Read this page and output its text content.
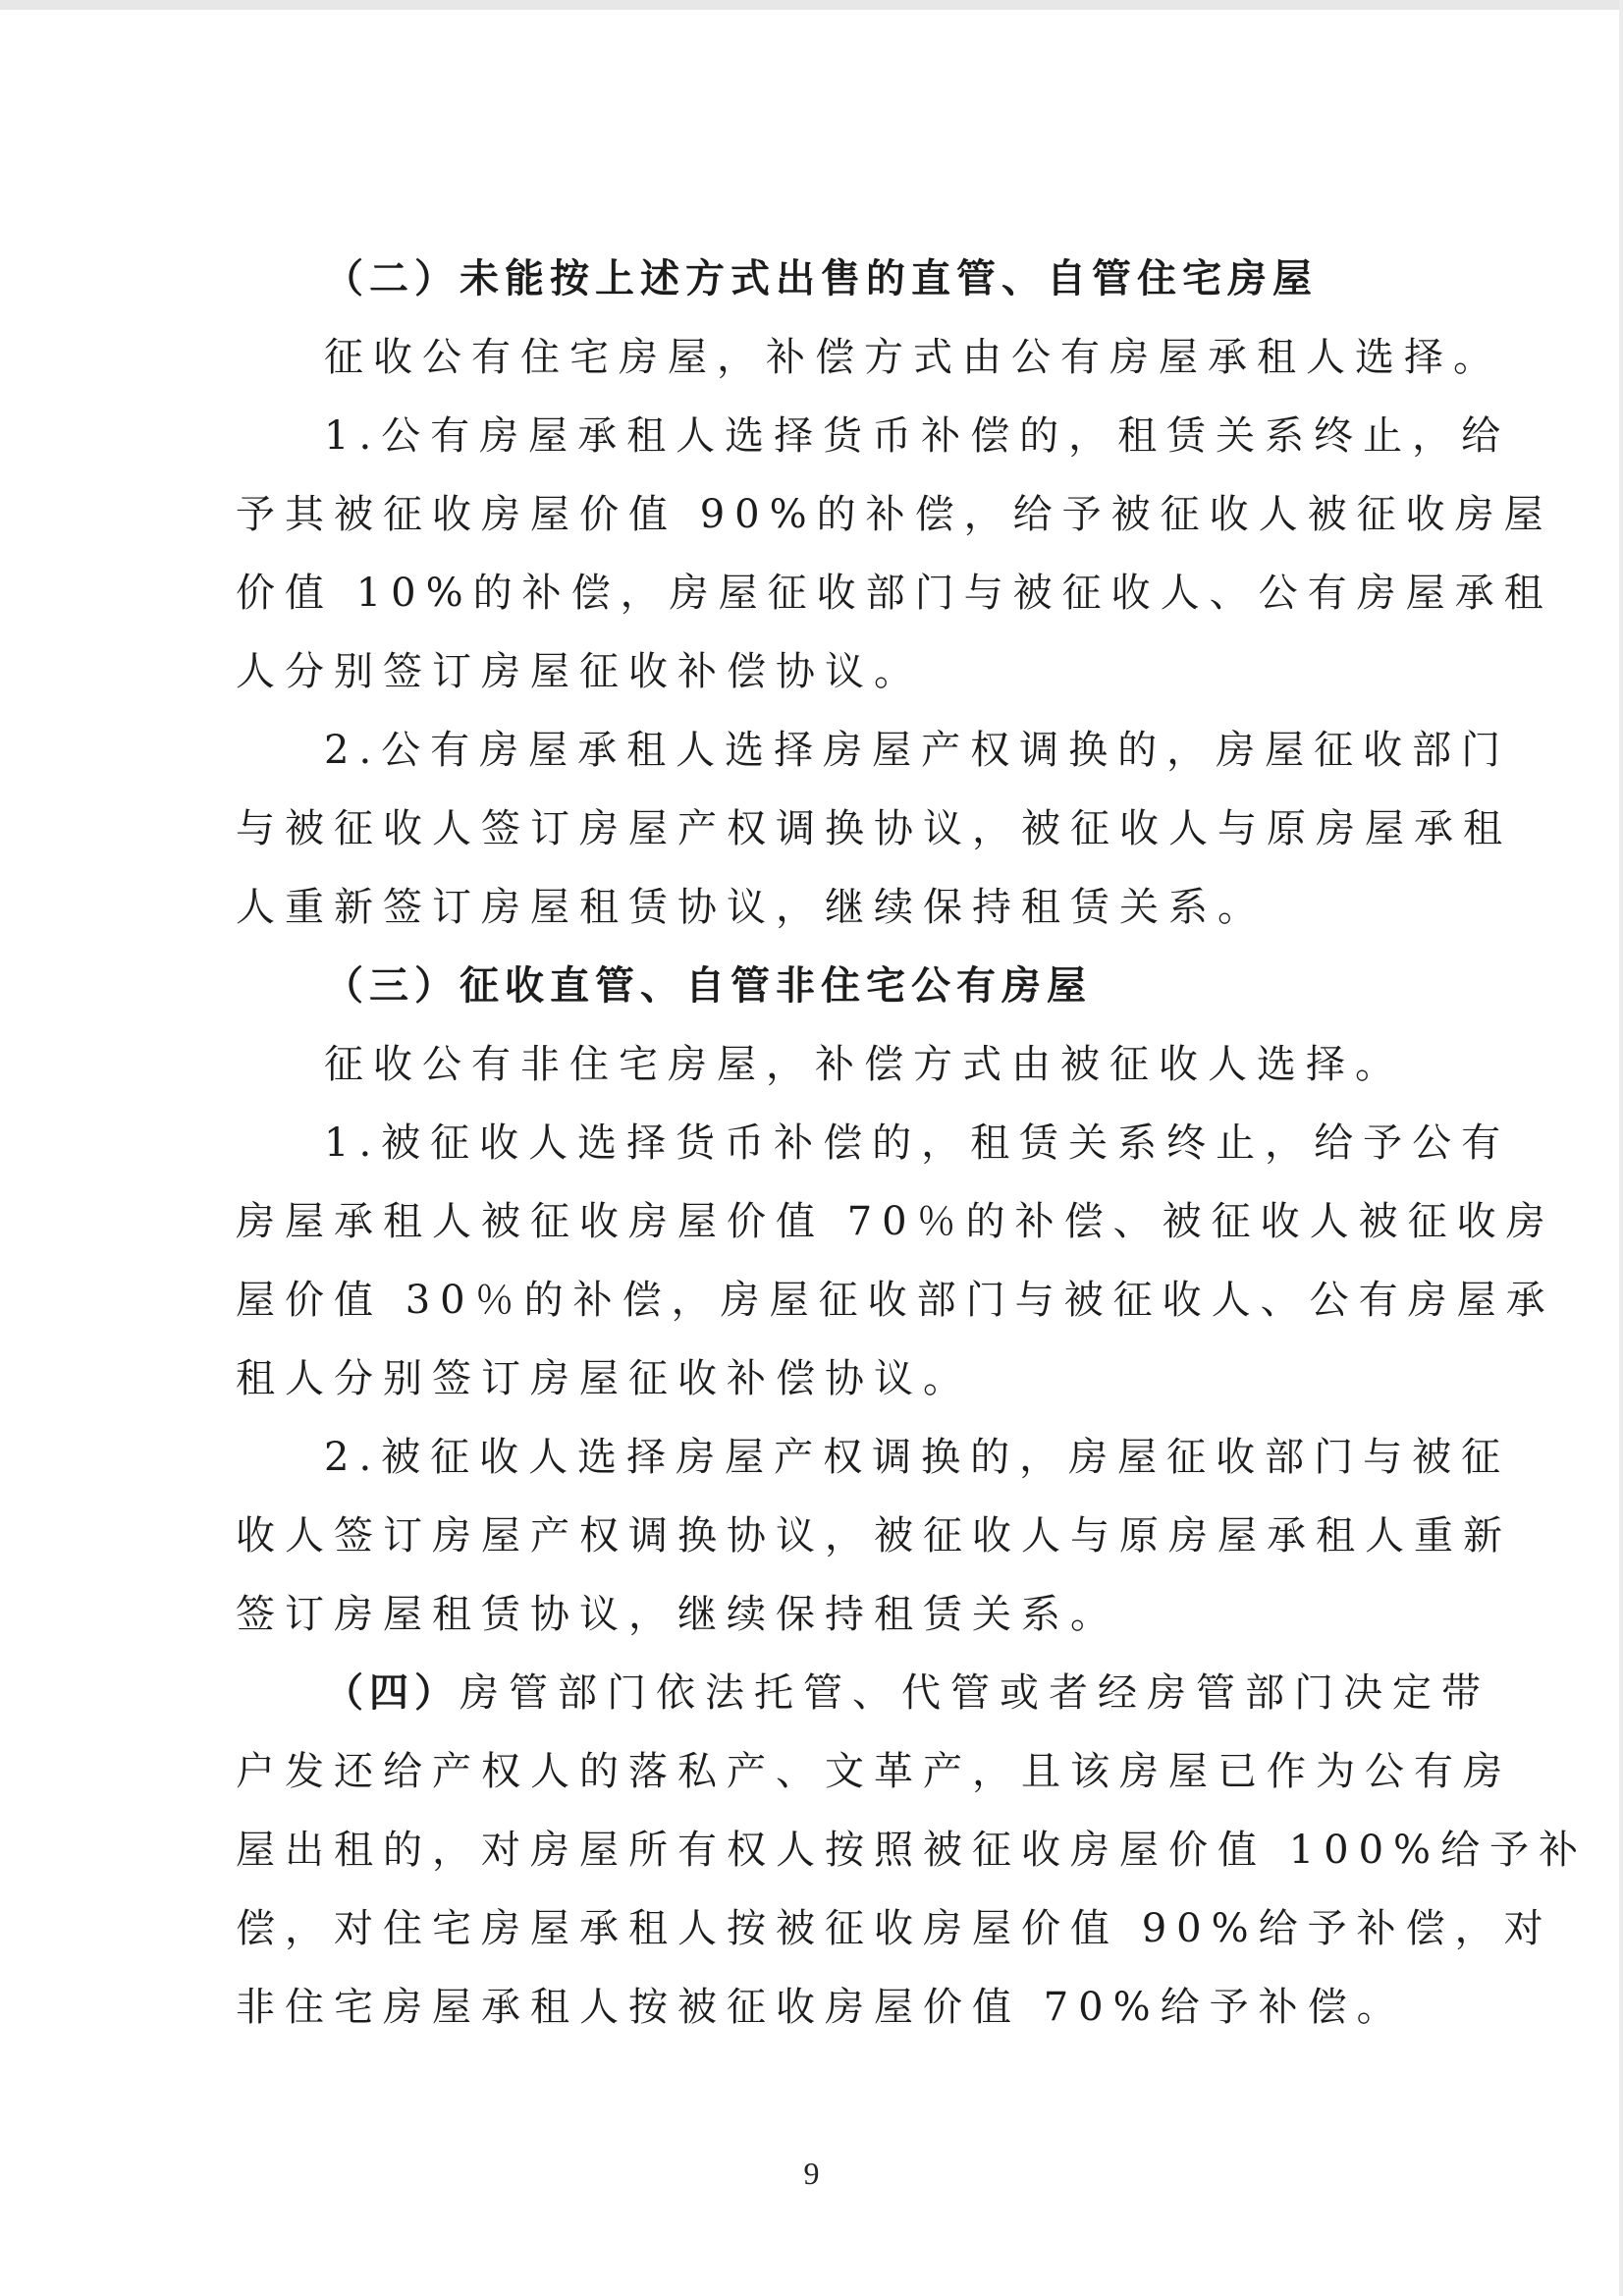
（二）未能按上述方式出售的直管、自管住宅房屋
征收公有住宅房屋，补偿方式由公有房屋承租人选择。
1.公有房屋承租人选择货币补偿的，租赁关系终止，给
予其被征收房屋价值 90%的补偿，给予被征收人被征收房屋
价值 10%的补偿，房屋征收部门与被征收人、公有房屋承租
人分别签订房屋征收补偿协议。
2.公有房屋承租人选择房屋产权调换的，房屋征收部门
与被征收人签订房屋产权调换协议，被征收人与原房屋承租
人重新签订房屋租赁协议，继续保持租赁关系。
（三）征收直管、自管非住宅公有房屋
征收公有非住宅房屋，补偿方式由被征收人选择。
1.被征收人选择货币补偿的，租赁关系终止，给予公有
房屋承租人被征收房屋价值 70％的补偿、被征收人被征收房
屋价值 30％的补偿，房屋征收部门与被征收人、公有房屋承
租人分别签订房屋征收补偿协议。
2.被征收人选择房屋产权调换的，房屋征收部门与被征
收人签订房屋产权调换协议，被征收人与原房屋承租人重新
签订房屋租赁协议，继续保持租赁关系。
（四）房管部门依法托管、代管或者经房管部门决定带
户发还给产权人的落私产、文革产，且该房屋已作为公有房
屋出租的，对房屋所有权人按照被征收房屋价值 100%给予补
偿，对住宅房屋承租人按被征收房屋价值 90%给予补偿，对
非住宅房屋承租人按被征收房屋价值 70%给予补偿。
9
